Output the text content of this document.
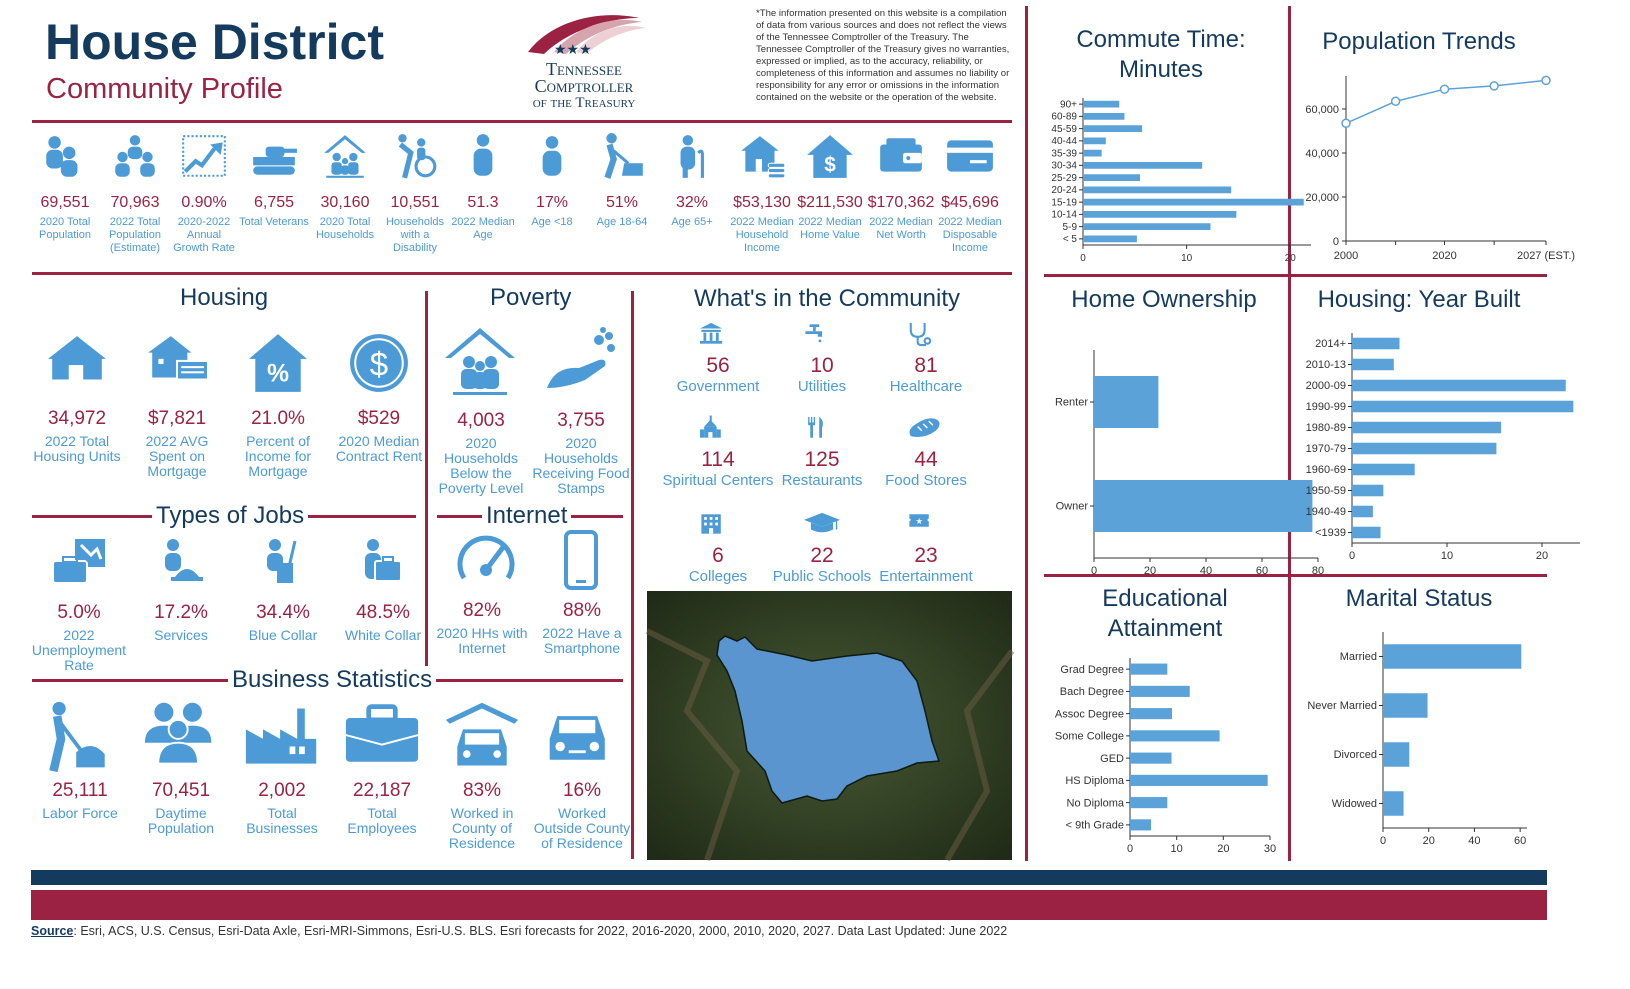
House District
Community Profile
★★★
Tennessee
Comptroller
of the Treasury
*The information presented on this website is a compilation of data from various sources and does not reflect the views of the Tennessee Comptroller of the Treasury. The Tennessee Comptroller of the Treasury gives no warranties, expressed or implied, as to the accuracy, reliability, or completeness of this information and assumes no liability or responsibility for any error or omissions in the information contained on the website or the operation of the website.
69,551
2020 Total Population
70,963
2022 Total Population (Estimate)
0.90%
2020-2022 Annual Growth Rate
6,755
Total Veterans
30,160
2020 Total Households
10,551
Households with a Disability
51.3
2022 Median Age
17%
Age <18
51%
Age 18-64
32%
Age 65+
$53,130
2022 Median Household Income
$
$211,530
2022 Median Home Value
$170,362
2022 Median Net Worth
$45,696
2022 Median Disposable Income
Housing	Poverty
Types of Jobs	Internet
Business Statistics
34,972
2022 Total Housing Units
$7,821
2022 AVG Spent on Mortgage
%
21.0%
Percent of Income for Mortgage
$
$529
2020 Median Contract Rent
4,003
2020 Households Below the Poverty Level
3,755
2020 Households Receiving Food Stamps
5.0%
2022 Unemployment Rate
17.2%
Services
34.4%
Blue Collar
48.5%
White Collar
82%
2020 HHs with Internet
88%
2022 Have a Smartphone
25,111
Labor Force
70,451
Daytime Population
2,002
Total Businesses
22,187
Total Employees
83%
Worked in County of Residence
16%
Worked Outside County of Residence
What's in the Community
56
Government
10
Utilities
81
Healthcare
114
Spiritual Centers
125
Restaurants
44
Food Stores
6
Colleges
22
Public Schools
★
23
Entertainment
Commute Time: Minutes
Population Trends
Home Ownership	Housing: Year Built
Educational Attainment
Marital Status
90+
60-89
45-59
40-44
35-39
30-34
25-29
20-24
15-19
10-14
5-9
< 5
0	10	20
0
20,000
40,000
60,000
2000	2020	2027 (EST.)
Renter
Owner
0	20	40	60	80
2014+
2010-13
2000-09
1990-99
1980-89
1970-79
1960-69
1950-59
1940-49
<1939
0	10	20
Grad Degree
Bach Degree
Assoc Degree
Some College
GED
HS Diploma
No Diploma
< 9th Grade
0	10	20	30
Married
Never Married
Divorced
Widowed
0	20	40	60
Source: Esri, ACS, U.S. Census, Esri-Data Axle, Esri-MRI-Simmons, Esri-U.S. BLS. Esri forecasts for 2022, 2016-2020, 2000, 2010, 2020, 2027. Data Last Updated: June 2022
